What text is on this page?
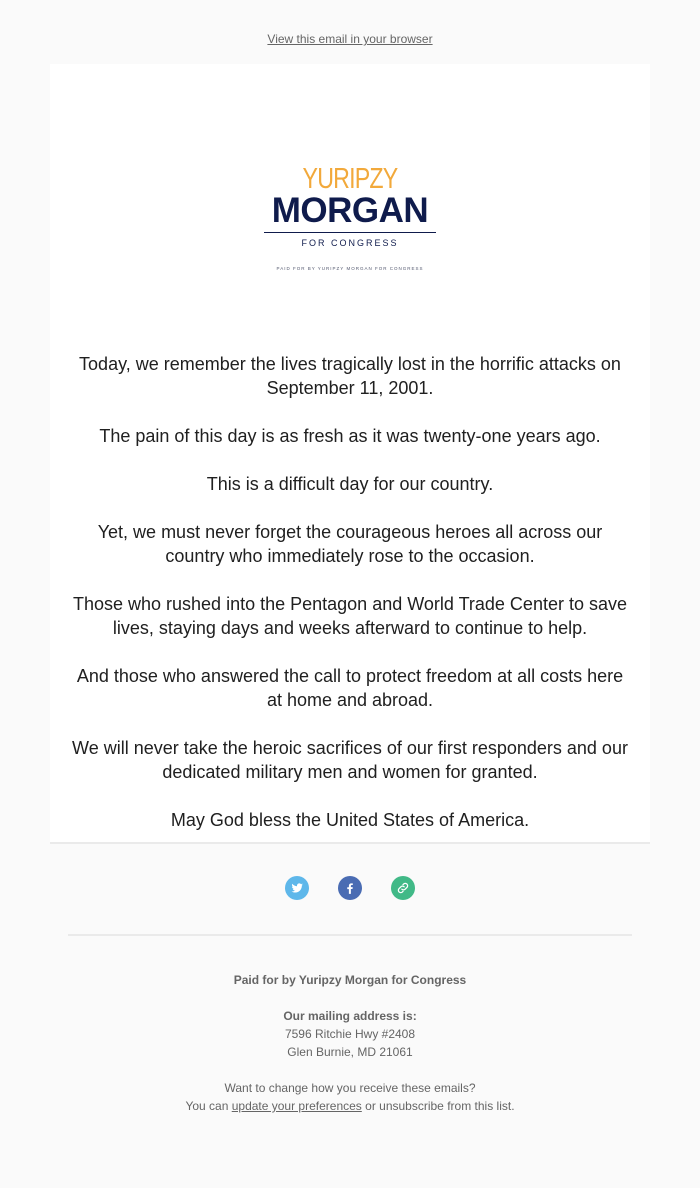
View this email in your browser
YURIPZY
MORGAN
FOR CONGRESS
PAID FOR BY YURIPZY MORGAN FOR CONGRESS

Today, we remember the lives tragically lost in the horrific attacks on September 11, 2001.

The pain of this day is as fresh as it was twenty-one years ago.

This is a difficult day for our country.

Yet, we must never forget the courageous heroes all across our country who immediately rose to the occasion.

Those who rushed into the Pentagon and World Trade Center to save lives, staying days and weeks afterward to continue to help.

And those who answered the call to protect freedom at all costs here at home and abroad.

We will never take the heroic sacrifices of our first responders and our dedicated military men and women for granted.

May God bless the United States of America.

Paid for by Yuripzy Morgan for Congress
Our mailing address is:
7596 Ritchie Hwy #2408
Glen Burnie, MD 21061
Want to change how you receive these emails?
You can update your preferences or unsubscribe from this list.
